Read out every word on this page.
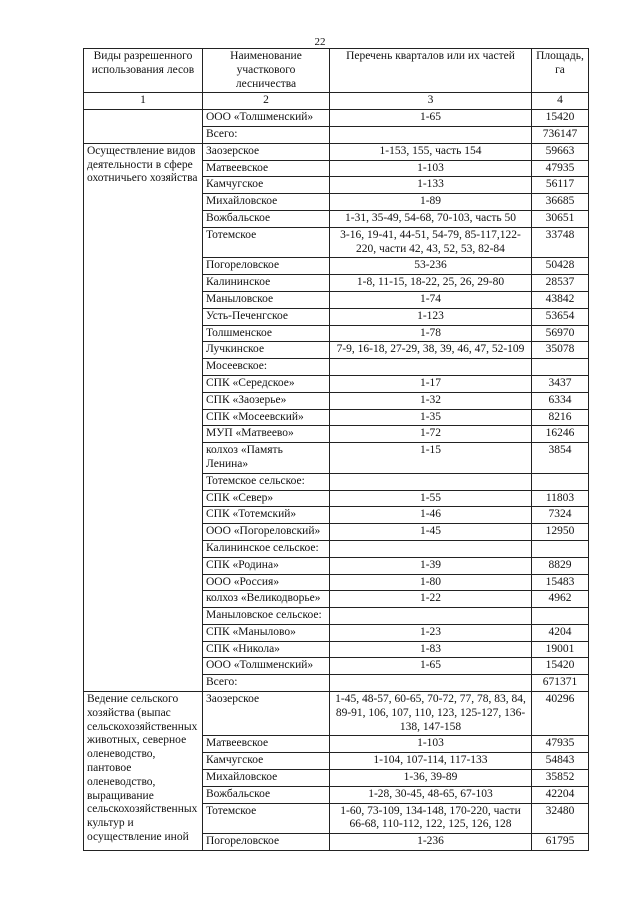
22
Виды разрешенного использования лесов	Наименование участкового лесничества	Перечень кварталов или их частей	Площадь, га
1	2	3	4
	ООО «Толшменский»	1-65	15420
	Всего:		736147
Осуществление видов деятельности в сфере охотничьего хозяйства	Заозерское	1-153, 155, часть 154	59663
	Матвеевское	1-103	47935
	Камчугское	1-133	56117
	Михайловское	1-89	36685
	Вожбальское	1-31, 35-49, 54-68, 70-103, часть 50	30651
	Тотемское	3-16, 19-41, 44-51, 54-79, 85-117,122-220, части 42, 43, 52, 53, 82-84	33748
	Погореловское	53-236	50428
	Калининское	1-8, 11-15, 18-22, 25, 26, 29-80	28537
	Маныловское	1-74	43842
	Усть-Печенгское	1-123	53654
	Толшменское	1-78	56970
	Лучкинское	7-9, 16-18, 27-29, 38, 39, 46, 47, 52-109	35078
	Мосеевское:		
	СПК «Середское»	1-17	3437
	СПК «Заозерье»	1-32	6334
	СПК «Мосеевский»	1-35	8216
	МУП «Матвеево»	1-72	16246
	колхоз «Память Ленина»	1-15	3854
	Тотемское сельское:		
	СПК «Север»	1-55	11803
	СПК «Тотемский»	1-46	7324
	ООО «Погореловский»	1-45	12950
	Калининское сельское:		
	СПК «Родина»	1-39	8829
	ООО «Россия»	1-80	15483
	колхоз «Великодворье»	1-22	4962
	Маныловское сельское:		
	СПК «Манылово»	1-23	4204
	СПК «Никола»	1-83	19001
	ООО «Толшменский»	1-65	15420
	Всего:		671371
Ведение сельского хозяйства (выпас сельскохозяйственных животных, северное оленеводство, пантовое оленеводство, выращивание сельскохозяйственных культур и осуществление иной	Заозерское	1-45, 48-57, 60-65, 70-72, 77, 78, 83, 84, 89-91, 106, 107, 110, 123, 125-127, 136-138, 147-158	40296
	Матвеевское	1-103	47935
	Камчугское	1-104, 107-114, 117-133	54843
	Михайловское	1-36, 39-89	35852
	Вожбальское	1-28, 30-45, 48-65, 67-103	42204
	Тотемское	1-60, 73-109, 134-148, 170-220, части 66-68, 110-112, 122, 125, 126, 128	32480
	Погореловское	1-236	61795
